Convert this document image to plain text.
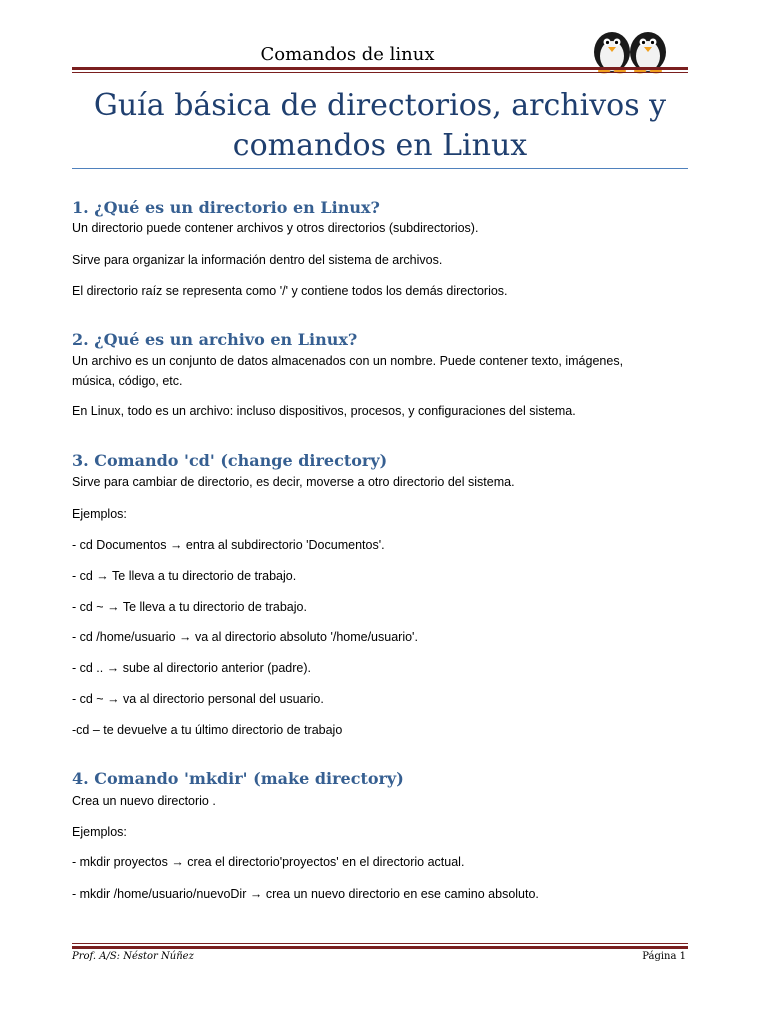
Comandos de linux
Guía básica de directorios, archivos y
comandos en Linux
1. ¿Qué es un directorio en Linux?
Un directorio puede contener archivos y otros directorios (subdirectorios).
Sirve para organizar la información dentro del sistema de archivos.
El directorio raíz se representa como '/' y contiene todos los demás directorios.
2. ¿Qué es un archivo en Linux?
Un archivo es un conjunto de datos almacenados con un nombre. Puede contener texto, imágenes, música, código, etc.
En Linux, todo es un archivo: incluso dispositivos, procesos, y configuraciones del sistema.
3. Comando 'cd' (change directory)
Sirve para cambiar de directorio, es decir, moverse a otro directorio del sistema.
Ejemplos:
- cd Documentos → entra al subdirectorio 'Documentos'.
- cd → Te lleva a tu directorio de trabajo.
- cd ~ → Te lleva a tu directorio de trabajo.
- cd /home/usuario → va al directorio absoluto '/home/usuario'.
- cd .. → sube al directorio anterior (padre).
- cd ~ → va al directorio personal del usuario.
-cd – te devuelve a tu último directorio de trabajo
4. Comando 'mkdir' (make directory)
Crea un nuevo directorio .
Ejemplos:
- mkdir proyectos → crea el directorio'proyectos' en el directorio actual.
- mkdir /home/usuario/nuevoDir → crea un nuevo directorio en ese camino absoluto.
Prof. A/S: Néstor Núñez	Página 1
